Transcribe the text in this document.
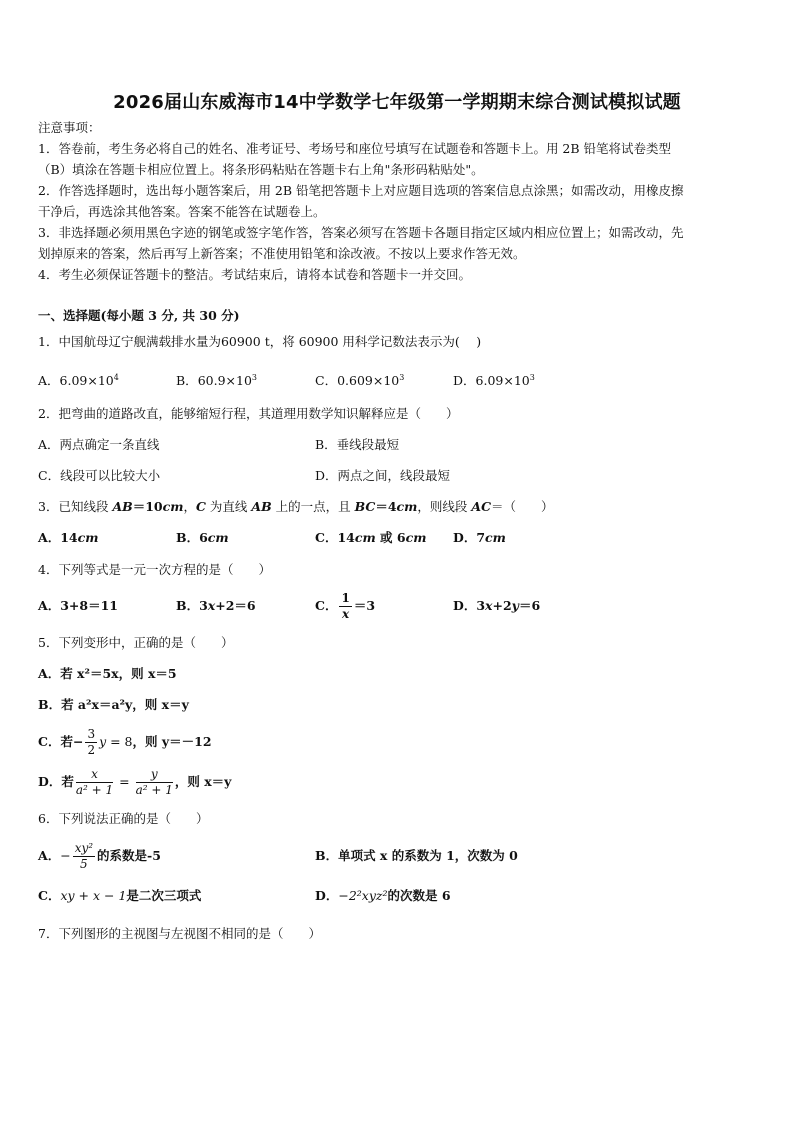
2026届山东威海市14中学数学七年级第一学期期末综合测试模拟试题
注意事项：
1．答卷前，考生务必将自己的姓名、准考证号、考场号和座位号填写在试题卷和答题卡上。用 2B 铅笔将试卷类型
（B）填涂在答题卡相应位置上。将条形码粘贴在答题卡右上角"条形码粘贴处"。
2．作答选择题时，选出每小题答案后，用 2B 铅笔把答题卡上对应题目选项的答案信息点涂黑；如需改动，用橡皮擦
干净后，再选涂其他答案。答案不能答在试题卷上。
3．非选择题必须用黑色字迹的钢笔或签字笔作答，答案必须写在答题卡各题目指定区域内相应位置上；如需改动，先
划掉原来的答案，然后再写上新答案；不准使用铅笔和涂改液。不按以上要求作答无效。
4．考生必须保证答题卡的整洁。考试结束后，请将本试卷和答题卡一并交回。
一、选择题(每小题 3 分, 共 30 分)
1．中国航母辽宁舰满载排水量为60900 t，将 60900 用科学记数法表示为(　 )
A．$6.09\times 10^4$	B．$60.9\times 10^3$	C．$0.609\times 10^3$	D．$6.09\times 10^3$
2．把弯曲的道路改直，能够缩短行程，其道理用数学知识解释应是（　　）
A．两点确定一条直线	B．垂线段最短
C．线段可以比较大小	D．两点之间，线段最短
3．已知线段 AB＝10cm，C 为直线 AB 上的一点，且 BC＝4cm，则线段 AC＝（　　）
A．14cm	B．6cm	C．14cm 或 6cm D．7cm
4．下列等式是一元一次方程的是（　　）
A．3+8＝11	B．3x+2＝6	C． $\frac{1}{x} =3$	D．3x+2y＝6
5．下列变形中，正确的是（　　）
A．若 x²＝5x，则 x＝5
B．若 a²x＝a²y，则 x＝y
C．若− $\frac{3}{2}$ y = 8，则 y＝－12
D．若 $\frac{x}{\text{a² + 1}} = \frac{y}{\text{a² + 1}}$ ，则 x＝y
6．下列说法正确的是（　　）
A．− $\frac{\text{xy²}}{5}$ 的系数是-5	B．单项式 x 的系数为 1，次数为 0
C．xy + x − 1是二次三项式	D．−2²xyz²的次数是 6
7．下列图形的主视图与左视图不相同的是（　　）
